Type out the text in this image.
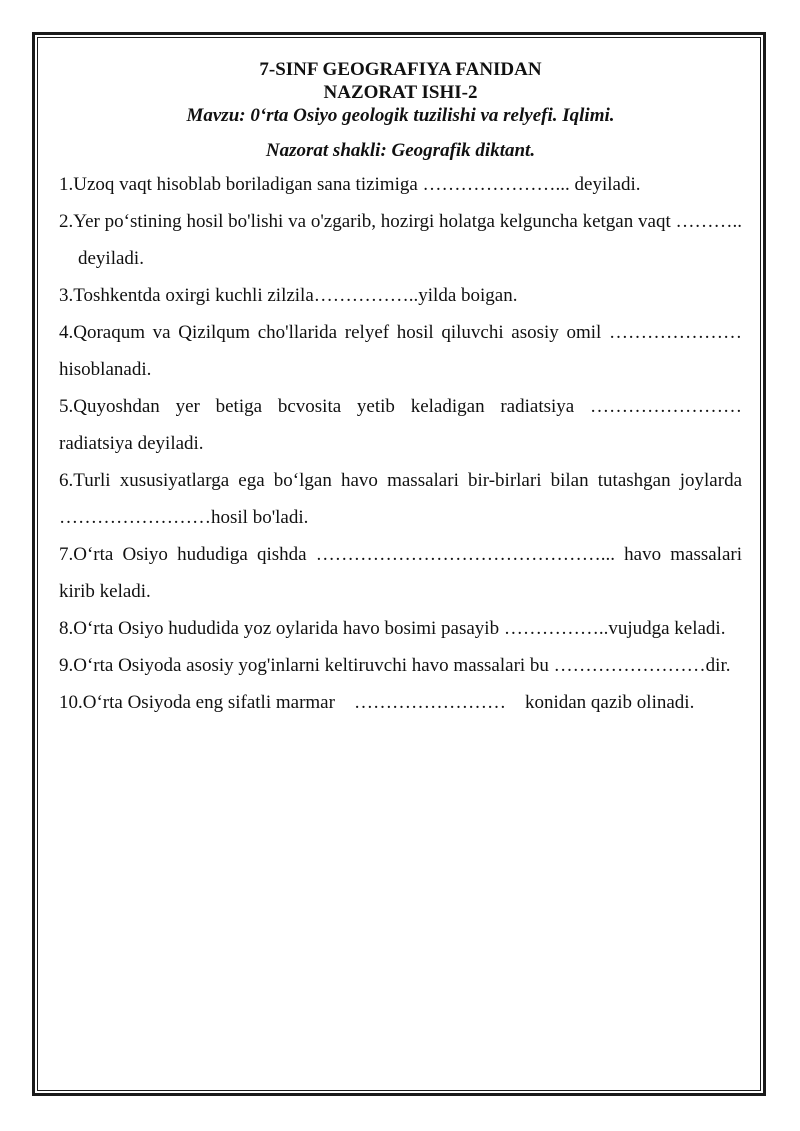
7-SINF GEOGRAFIYA FANIDAN

NAZORAT ISHI-2

Mavzu: 0‘rta Osiyo geologik tuzilishi va relyefi. Iqlimi.

Nazorat shakli: Geografik diktant.

1.Uzoq vaqt hisoblab boriladigan sana tizimiga …………………... deyiladi.

2.Yer po‘stining hosil bo'lishi va o'zgarib, hozirgi holatga kelguncha ketgan vaqt ………..     deyiladi.

3.Toshkentda oxirgi kuchli zilzila……………..yilda boigan.

4.Qoraqum va Qizilqum cho'llarida relyef hosil qiluvchi asosiy omil …………………hisoblanadi.

5.Quyoshdan yer betiga bcvosita yetib keladigan radiatsiya …………………… radiatsiya deyiladi.

6.Turli xususiyatlarga ega bo‘lgan havo massalari bir-birlari bilan tutashgan joylarda ……………………hosil bo'ladi.

7.O‘rta Osiyo hududiga qishda ………………………………………... havo massalari kirib keladi.

8.O‘rta Osiyo hududida yoz oylarida havo bosimi pasayib ……………..vujudga keladi.

9.O‘rta Osiyoda asosiy yog'inlarni keltiruvchi havo massalari bu ……………………dir.

10.O‘rta Osiyoda eng sifatli marmar    ……………………    konidan qazib olinadi.
